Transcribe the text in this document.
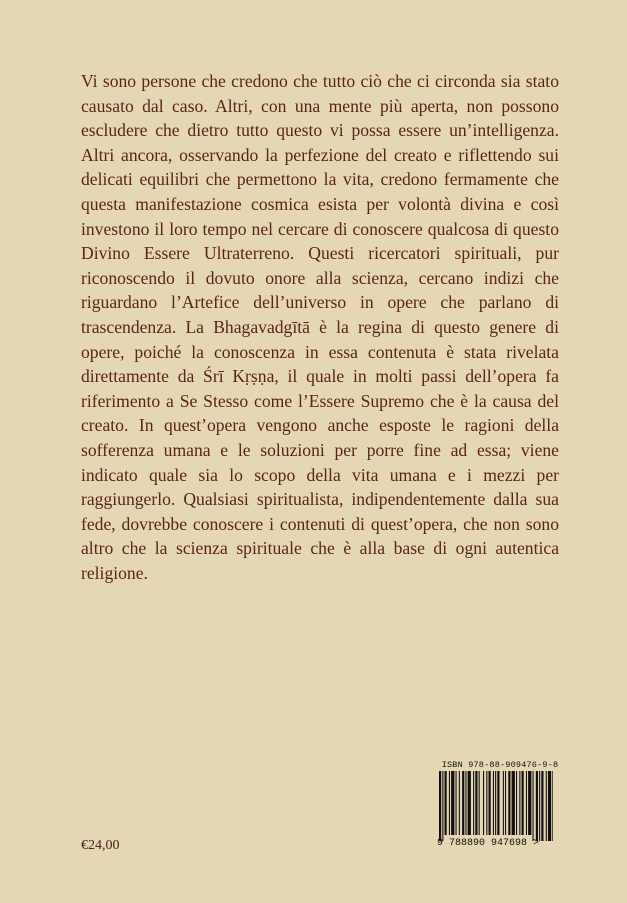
Vi sono persone che credono che tutto ciò che ci circonda sia stato causato dal caso. Altri, con una mente più aperta, non possono escludere che dietro tutto questo vi possa essere un’intelligenza. Altri ancora, osservando la perfezione del creato e riflettendo sui delicati equilibri che permettono la vita, credono fermamente che questa manifestazione cosmica esista per volontà divina e così investono il loro tempo nel cercare di conoscere qualcosa di questo Divino Essere Ultraterreno. Questi ricercatori spirituali, pur riconoscendo il dovuto onore alla scienza, cercano indizi che riguardano l’Artefice dell’universo in opere che parlano di trascendenza. La Bhagavadgītā è la regina di questo genere di opere, poiché la conoscenza in essa contenuta è stata rivelata direttamente da Śrī Kṛṣṇa, il quale in molti passi dell’opera fa riferimento a Se Stesso come l’Essere Supremo che è la causa del creato. In quest’opera vengono anche esposte le ragioni della sofferenza umana e le soluzioni per porre fine ad essa; viene indicato quale sia lo scopo della vita umana e i mezzi per raggiungerlo. Qualsiasi spiritualista, indipendentemente dalla sua fede, dovrebbe conoscere i contenuti di quest’opera, che non sono altro che la scienza spirituale che è alla base di ogni autentica religione.

€24,00
ISBN 978-88-909476-9-8
9 788890 947698 >
